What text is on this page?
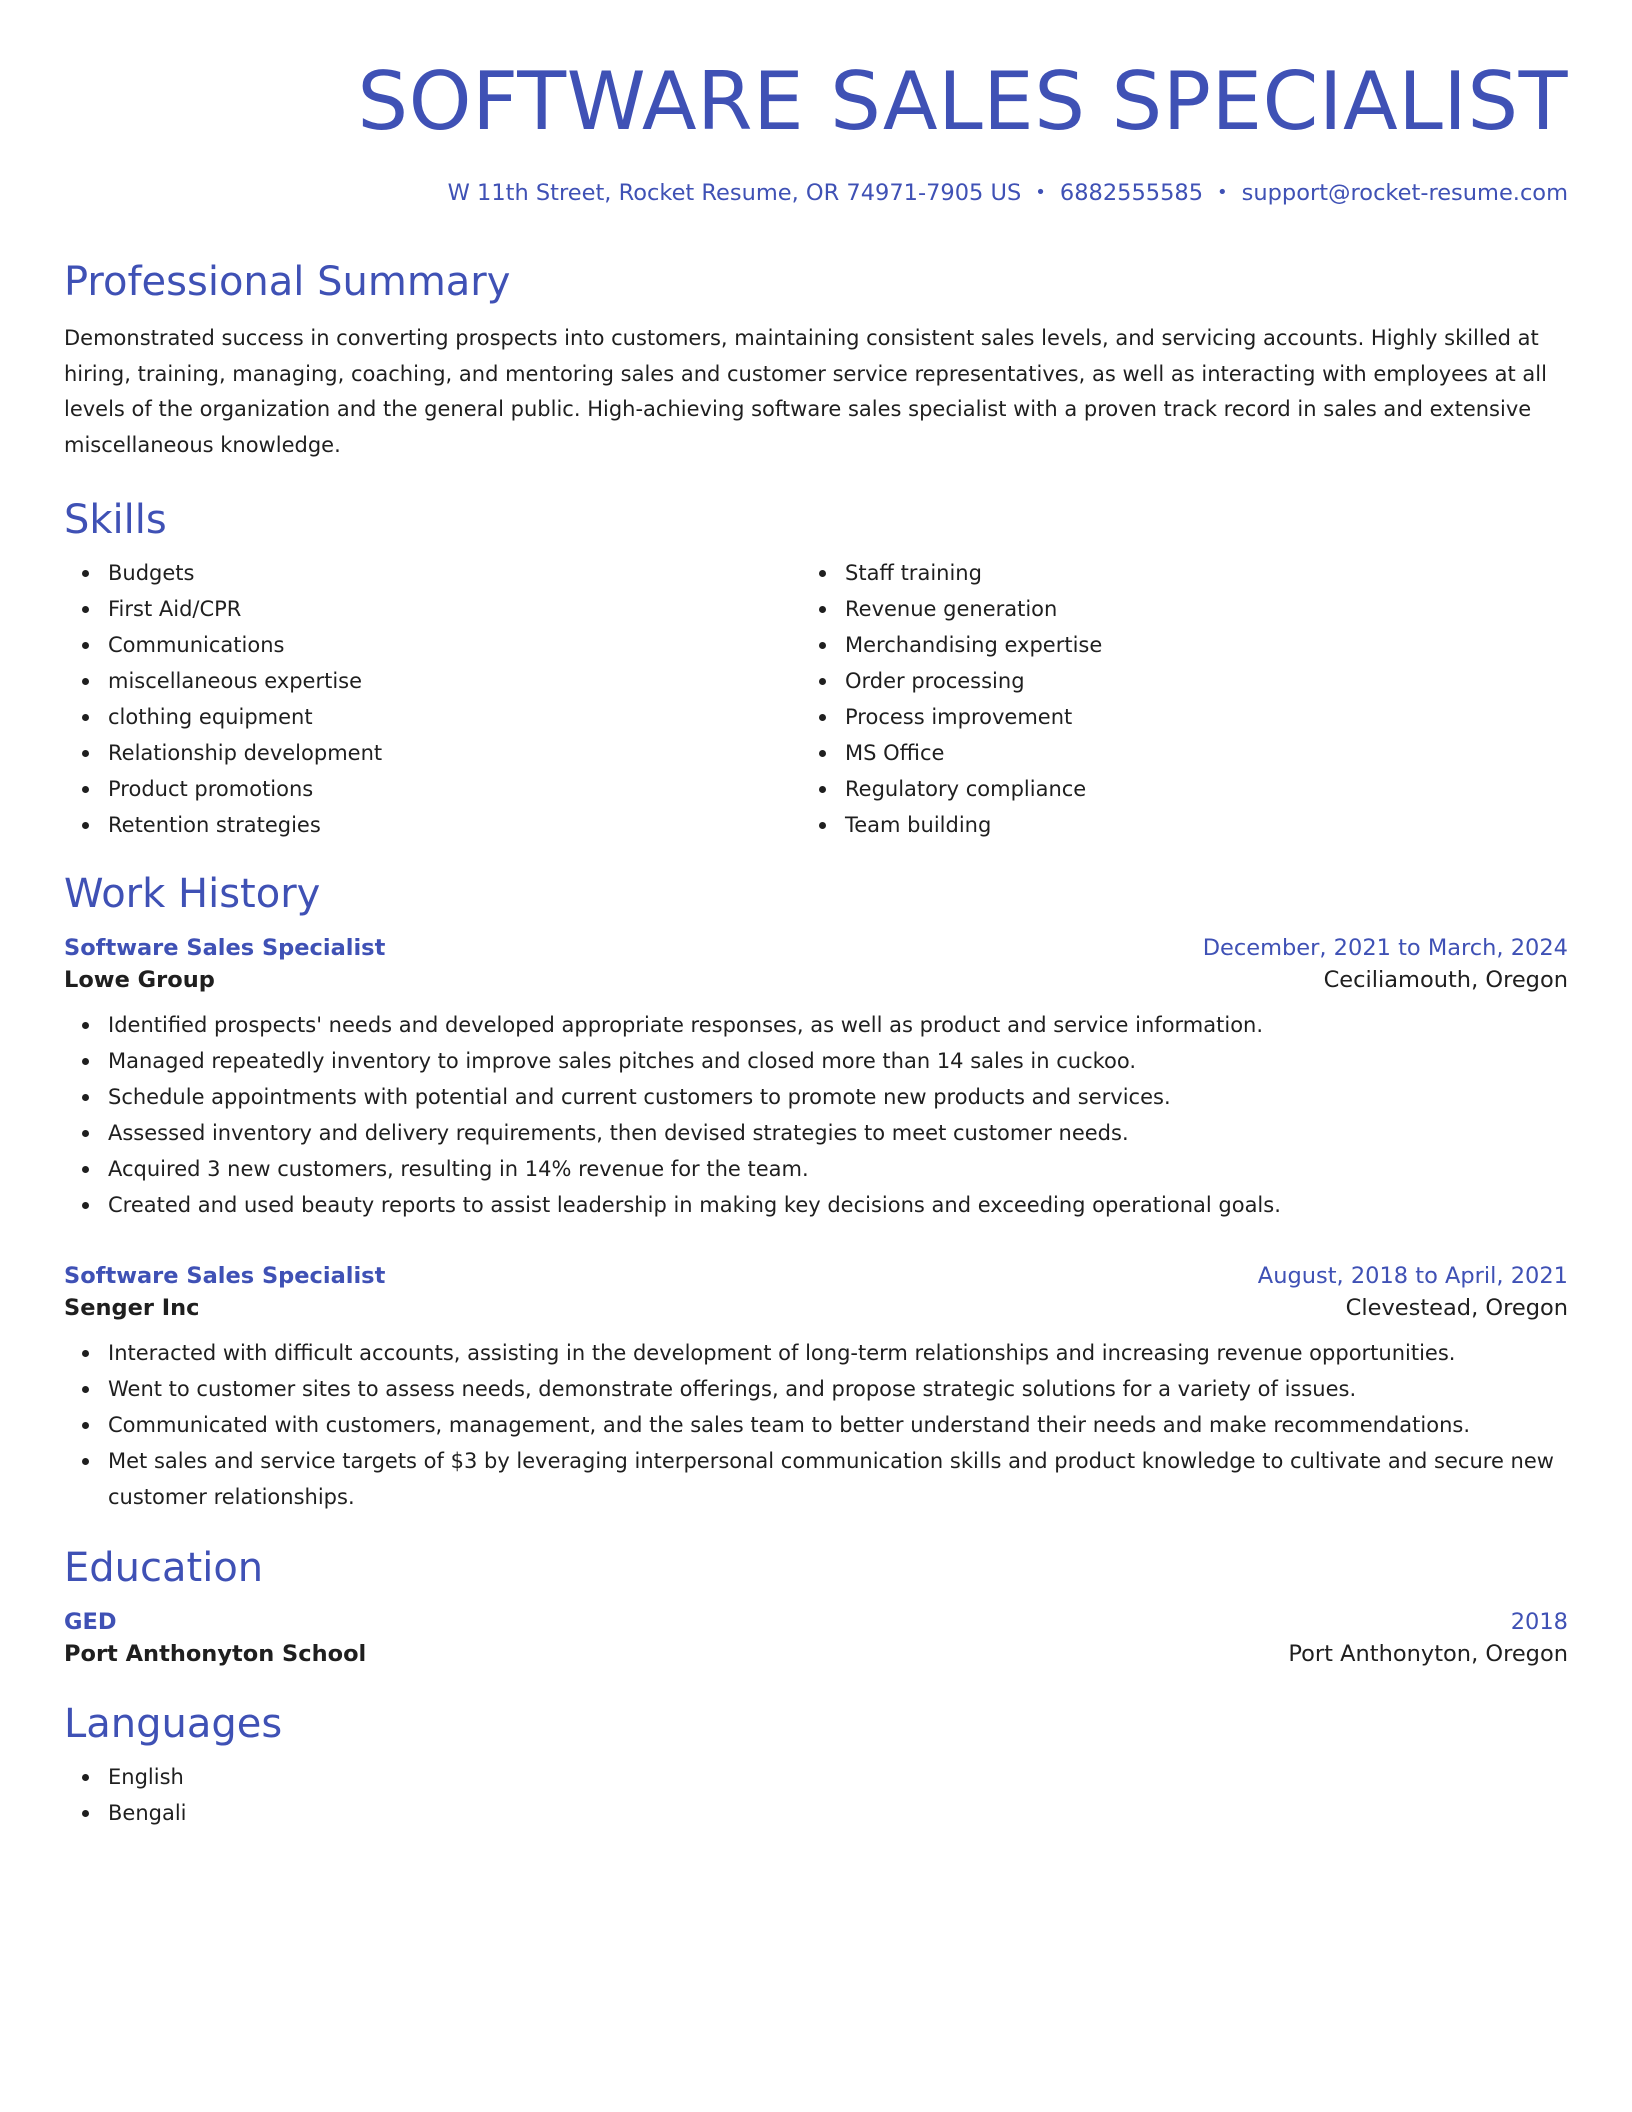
SOFTWARE SALES SPECIALIST
W 11th Street, Rocket Resume, OR 74971-7905 US • 6882555585 • support@rocket-resume.com
Professional Summary

Demonstrated success in converting prospects into customers, maintaining consistent sales levels, and servicing accounts. Highly skilled at hiring, training, managing, coaching, and mentoring sales and customer service representatives, as well as interacting with employees at all levels of the organization and the general public. High-achieving software sales specialist with a proven track record in sales and extensive miscellaneous knowledge.

Skills
Budgets
First Aid/CPR
Communications
miscellaneous expertise
clothing equipment
Relationship development
Product promotions
Retention strategies
Staff training
Revenue generation
Merchandising expertise
Order processing
Process improvement
MS Office
Regulatory compliance
Team building
Work History
Software Sales Specialist	December, 2021 to March, 2024
Lowe Group	Ceciliamouth, Oregon
Identified prospects' needs and developed appropriate responses, as well as product and service information.
Managed repeatedly inventory to improve sales pitches and closed more than 14 sales in cuckoo.
Schedule appointments with potential and current customers to promote new products and services.
Assessed inventory and delivery requirements, then devised strategies to meet customer needs.
Acquired 3 new customers, resulting in 14% revenue for the team.
Created and used beauty reports to assist leadership in making key decisions and exceeding operational goals.
Software Sales Specialist	August, 2018 to April, 2021
Senger Inc	Clevestead, Oregon
Interacted with difficult accounts, assisting in the development of long-term relationships and increasing revenue opportunities.
Went to customer sites to assess needs, demonstrate offerings, and propose strategic solutions for a variety of issues.
Communicated with customers, management, and the sales team to better understand their needs and make recommendations.
Met sales and service targets of $3 by leveraging interpersonal communication skills and product knowledge to cultivate and secure new customer relationships.
Education
GED	2018
Port Anthonyton School	Port Anthonyton, Oregon
Languages
English
Bengali
